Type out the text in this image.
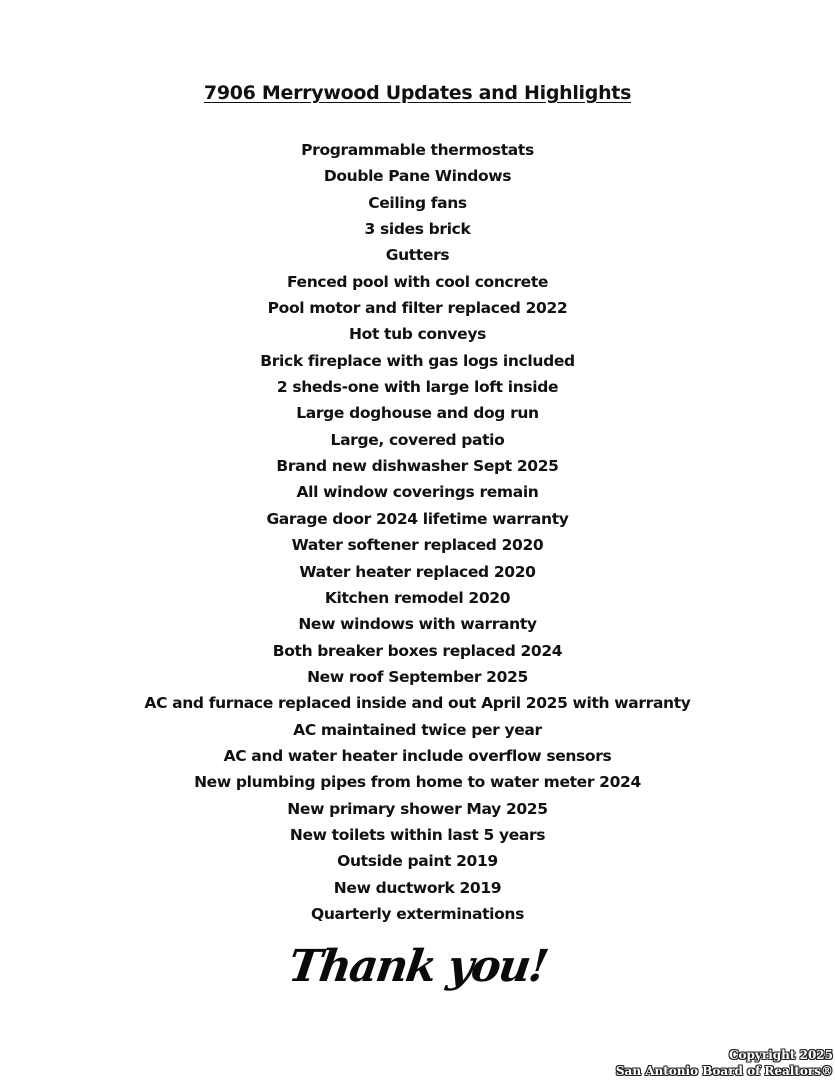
7906 Merrywood Updates and Highlights
Programmable thermostats
Double Pane Windows
Ceiling fans
3 sides brick
Gutters
Fenced pool with cool concrete
Pool motor and filter replaced 2022
Hot tub conveys
Brick fireplace with gas logs included
2 sheds-one with large loft inside
Large doghouse and dog run
Large, covered patio
Brand new dishwasher Sept 2025
All window coverings remain
Garage door 2024 lifetime warranty
Water softener replaced 2020
Water heater replaced 2020
Kitchen remodel 2020
New windows with warranty
Both breaker boxes replaced 2024
New roof September 2025
AC and furnace replaced inside and out April 2025 with warranty
AC maintained twice per year
AC and water heater include overflow sensors
New plumbing pipes from home to water meter 2024
New primary shower May 2025
New toilets within last 5 years
Outside paint 2019
New ductwork 2019
Quarterly exterminations
Thank you!
Copyright 2025
San Antonio Board of Realtors®
